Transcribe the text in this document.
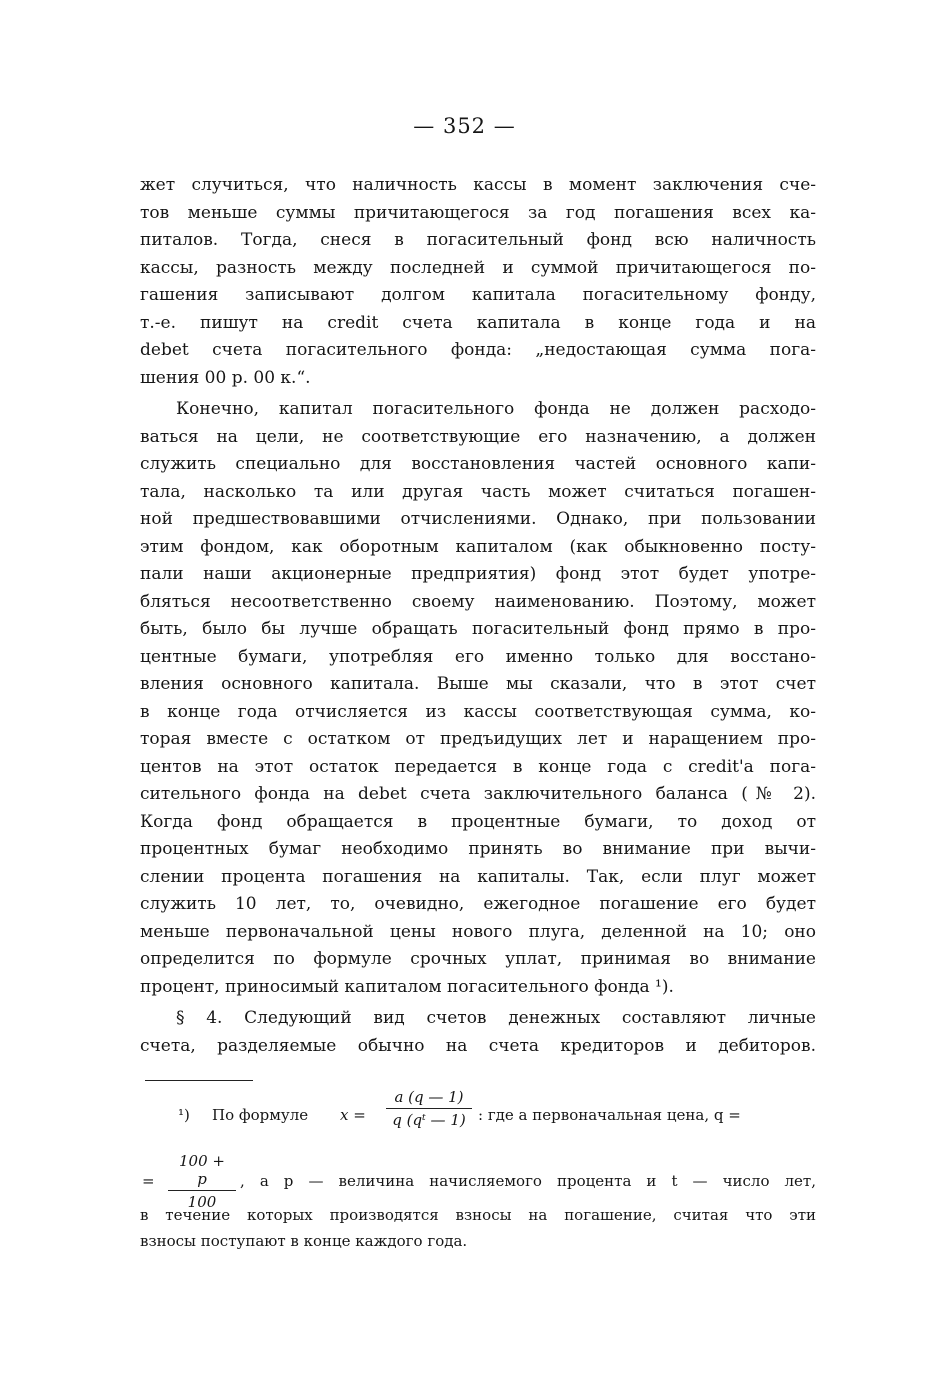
— 352 —
жет случиться, что наличность кассы в момент заключения сче-
тов меньше суммы причитающегося за год погашения всех ка-
питалов. Тогда, снеся в погасительный фонд всю наличность
кассы, разность между последней и суммой причитающегося по-
гашения записывают долгом капитала погасительному фонду,
т.-е. пишут на credit счета капитала в конце года и на
debet счета погасительного фонда: „недостающая сумма пога-
шения 00 р. 00 к.“.
Конечно, капитал погасительного фонда не должен расходо-
ваться на цели, не соответствующие его назначению, а должен
служить специально для восстановления частей основного капи-
тала, насколько та или другая часть может считаться погашен-
ной предшествовавшими отчислениями. Однако, при пользовании
этим фондом, как оборотным капиталом (как обыкновенно посту-
пали наши акционерные предприятия) фонд этот будет употре-
бляться несоответственно своему наименованию. Поэтому, может
быть, было бы лучше обращать погасительный фонд прямо в про-
центные бумаги, употребляя его именно только для восстано-
вления основного капитала. Выше мы сказали, что в этот счет
в конце года отчисляется из кассы соответствующая сумма, ко-
торая вместе с остатком от предъидущих лет и наращением про-
центов на этот остаток передается в конце года с credit'а пога-
сительного фонда на debet счета заключительного баланса (№ 2).
Когда фонд обращается в процентные бумаги, то доход от
процентных бумаг необходимо принять во внимание при вычи-
слении процента погашения на капиталы. Так, если плуг может
служить 10 лет, то, очевидно, ежегодное погашение его будет
меньше первоначальной цены нового плуга, деленной на 10; оно
определится по формуле срочных уплат, принимая во внимание
процент, приносимый капиталом погасительного фонда ¹).
§ 4. Следующий вид счетов денежных составляют личные
счета, разделяемые обычно на счета кредиторов и дебиторов.
¹) По формуле $x = \frac{a (q — 1)}{\text{q (qᵗ — 1)}}$ : где a первоначальная цена, q =
= $\frac{100 + p}{100}$ , а p — величина начисляемого процента и t — число лет,
в течение которых производятся взносы на погашение, считая что эти
взносы поступают в конце каждого года.
